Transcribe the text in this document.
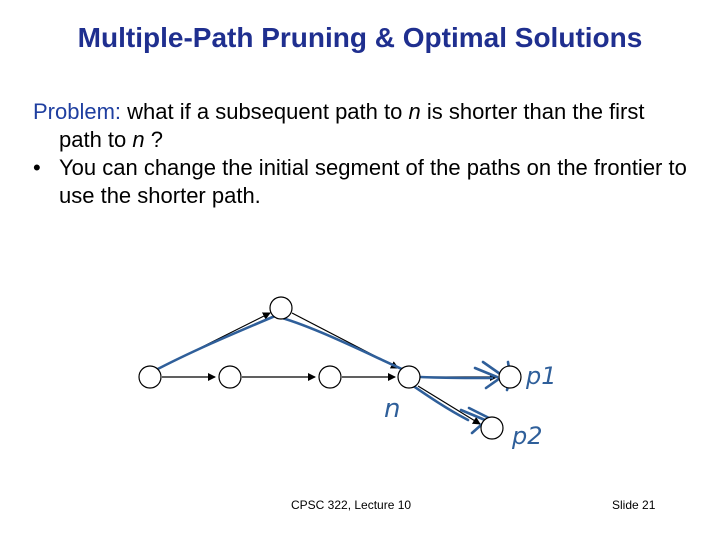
Multiple-Path Pruning & Optimal Solutions

Problem: what if a subsequent path to n is shorter than the first path to n ?

• You can change the initial segment of the paths on the frontier to use the shorter path.

n
p1
p2
CPSC 322, Lecture 10	Slide 21
